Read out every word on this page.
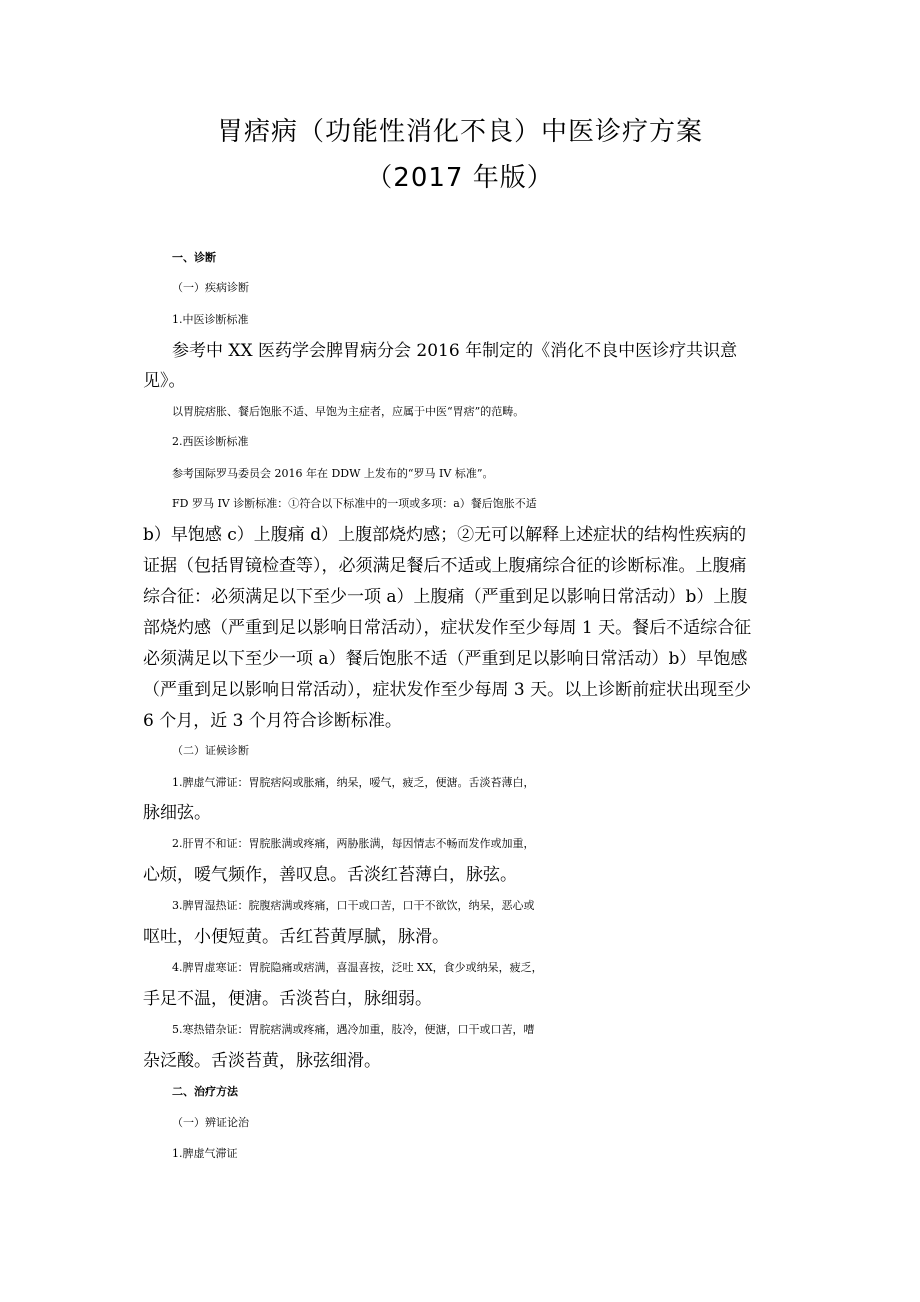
胃痞病（功能性消化不良）中医诊疗方案
（2017 年版）
一、诊断
（一）疾病诊断
1.中医诊断标准
参考中 XX 医药学会脾胃病分会 2016 年制定的《消化不良中医诊疗共识意
见》。
以胃脘痞胀、餐后饱胀不适、早饱为主症者，应属于中医“胃痞”的范畴。
2.西医诊断标准
参考国际罗马委员会 2016 年在 DDW 上发布的“罗马 IV 标准”。
FD 罗马 IV 诊断标准：①符合以下标准中的一项或多项：a）餐后饱胀不适
b）早饱感 c）上腹痛 d）上腹部烧灼感；②无可以解释上述症状的结构性疾病的
证据（包括胃镜检查等），必须满足餐后不适或上腹痛综合征的诊断标准。上腹痛
综合征：必须满足以下至少一项 a）上腹痛（严重到足以影响日常活动）b）上腹
部烧灼感（严重到足以影响日常活动），症状发作至少每周 1 天。餐后不适综合征
必须满足以下至少一项 a）餐后饱胀不适（严重到足以影响日常活动）b）早饱感
（严重到足以影响日常活动），症状发作至少每周 3 天。以上诊断前症状出现至少
6 个月，近 3 个月符合诊断标准。
（二）证候诊断
1.脾虚气滞证：胃脘痞闷或胀痛，纳呆，嗳气，疲乏，便溏。舌淡苔薄白，
脉细弦。
2.肝胃不和证：胃脘胀满或疼痛，两胁胀满，每因情志不畅而发作或加重，
心烦，嗳气频作，善叹息。舌淡红苔薄白，脉弦。
3.脾胃湿热证：脘腹痞满或疼痛，口干或口苦，口干不欲饮，纳呆，恶心或
呕吐，小便短黄。舌红苔黄厚腻，脉滑。
4.脾胃虚寒证：胃脘隐痛或痞满，喜温喜按，泛吐 XX，食少或纳呆，疲乏，
手足不温，便溏。舌淡苔白，脉细弱。
5.寒热错杂证：胃脘痞满或疼痛，遇冷加重，肢冷，便溏，口干或口苦，嘈
杂泛酸。舌淡苔黄，脉弦细滑。
二、治疗方法
（一）辨证论治
1.脾虚气滞证
